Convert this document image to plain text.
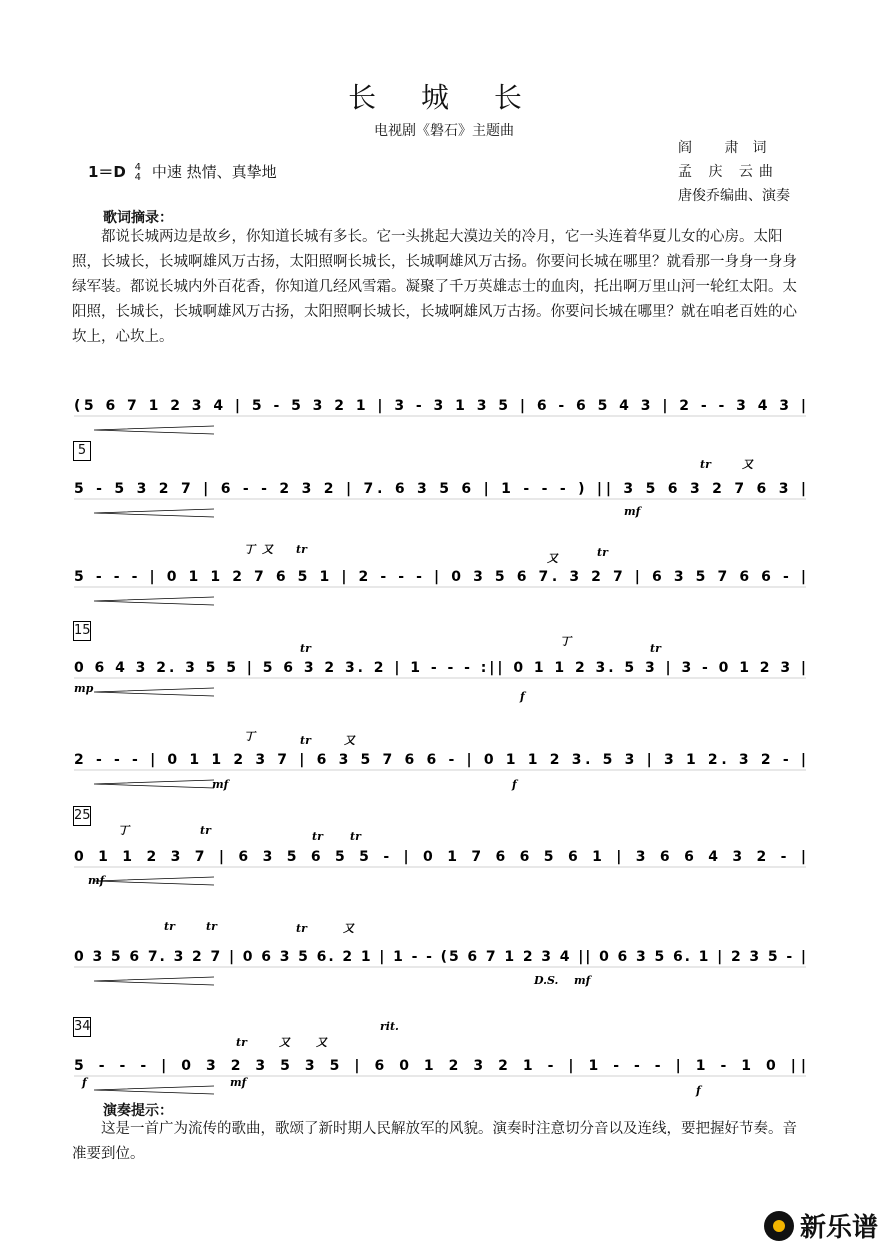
长 城 长
电视剧《磐石》主题曲
阎 肃词
孟 庆 云曲
唐俊乔编曲、演奏
1＝D 4
4 中速 热情、真挚地
歌词摘录：
都说长城两边是故乡，你知道长城有多长。它一头挑起大漠边关的冷月，它一头连着华夏儿女的心房。太阳照，长城长，长城啊雄风万古扬，太阳照啊长城长，长城啊雄风万古扬。你要问长城在哪里？就看那一身身一身身绿军装。都说长城内外百花香，你知道几经风雪霜。凝聚了千万英雄志士的血肉，托出啊万里山河一轮红太阳。太阳照，长城长，长城啊雄风万古扬，太阳照啊长城长，长城啊雄风万古扬。你要问长城在哪里？就在咱老百姓的心坎上，心坎上。
(5 6 7 1 2 3 4 | 5 - 5 3 2 1 | 3 - 3 1 3 5 | 6 - 6 5 4 3 | 2 - - 3 4 3 |
5 - 5 3 2 7 | 6 - - 2 3 2 | 7. 6 3 5 6 | 1 - - - ) || 3 5 6 3 2 7 6 3 |
5 - - - | 0 1 1 2 7 6 5 1 | 2 - - - | 0 3 5 6 7. 3 2 7 | 6 3 5 7 6 6 - |
0 6 4 3 2. 3 5 5 | 5 6 3 2 3. 2 | 1 - - - :|| 0 1 1 2 3. 5 3 | 3 - 0 1 2 3 |
2 - - - | 0 1 1 2 3 7 | 6 3 5 7 6 6 - | 0 1 1 2 3. 5 3 | 3 1 2. 3 2 - |
0 1 1 2 3 7 | 6 3 5 6 5 5 - | 0 1 7 6 6 5 6 1 | 3 6 6 4 3 2 - |
0 3 5 6 7. 3 2 7 | 0 6 3 5 6. 2 1 | 1 - - (5 6 7 1 2 3 4 || 0 6 3 5 6. 1 | 2 3 5 - |
5 - - - | 0 3 2 3 5 3 5 | 6 0 1 2 3 2 1 - | 1 - - - | 1 - 1 0 ||
tr	又
mf
丁 又 tr
又	tr
mp
tr
f
丁
tr
丁	tr	又
mf	f
丁	tr
mf
tr tr
tr	tr	tr	又
D.S. mf
rit.
tr	又 又
mf
f
f
5
15
25
34
演奏提示：
这是一首广为流传的歌曲，歌颂了新时期人民解放军的风貌。演奏时注意切分音以及连线，要把握好节奏。音准要到位。
新乐谱
